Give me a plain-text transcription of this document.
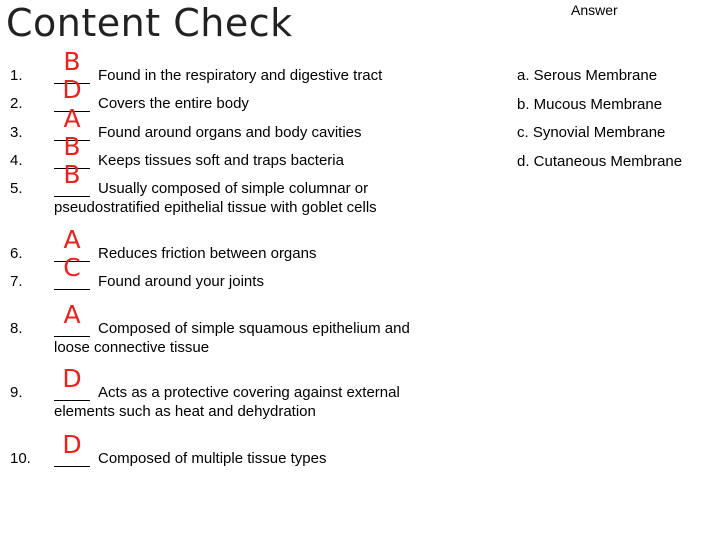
Content Check	Answer
1.	B	Found in the respiratory and digestive tract
2.	D	Covers the entire body
3.	A	Found around organs and body cavities
4.	B	Keeps tissues soft and traps bacteria
5.	B	Usually composed of simple columnar or pseudostratified epithelial tissue with goblet cells
6.	A	Reduces friction between organs
7.	C	Found around your joints
8.	A	Composed of simple squamous epithelium and loose connective tissue
9.	D	Acts as a protective covering against external elements such as heat and dehydration
10.	D	Composed of multiple tissue types
a. Serous Membrane
b. Mucous Membrane
c. Synovial Membrane
d. Cutaneous Membrane
